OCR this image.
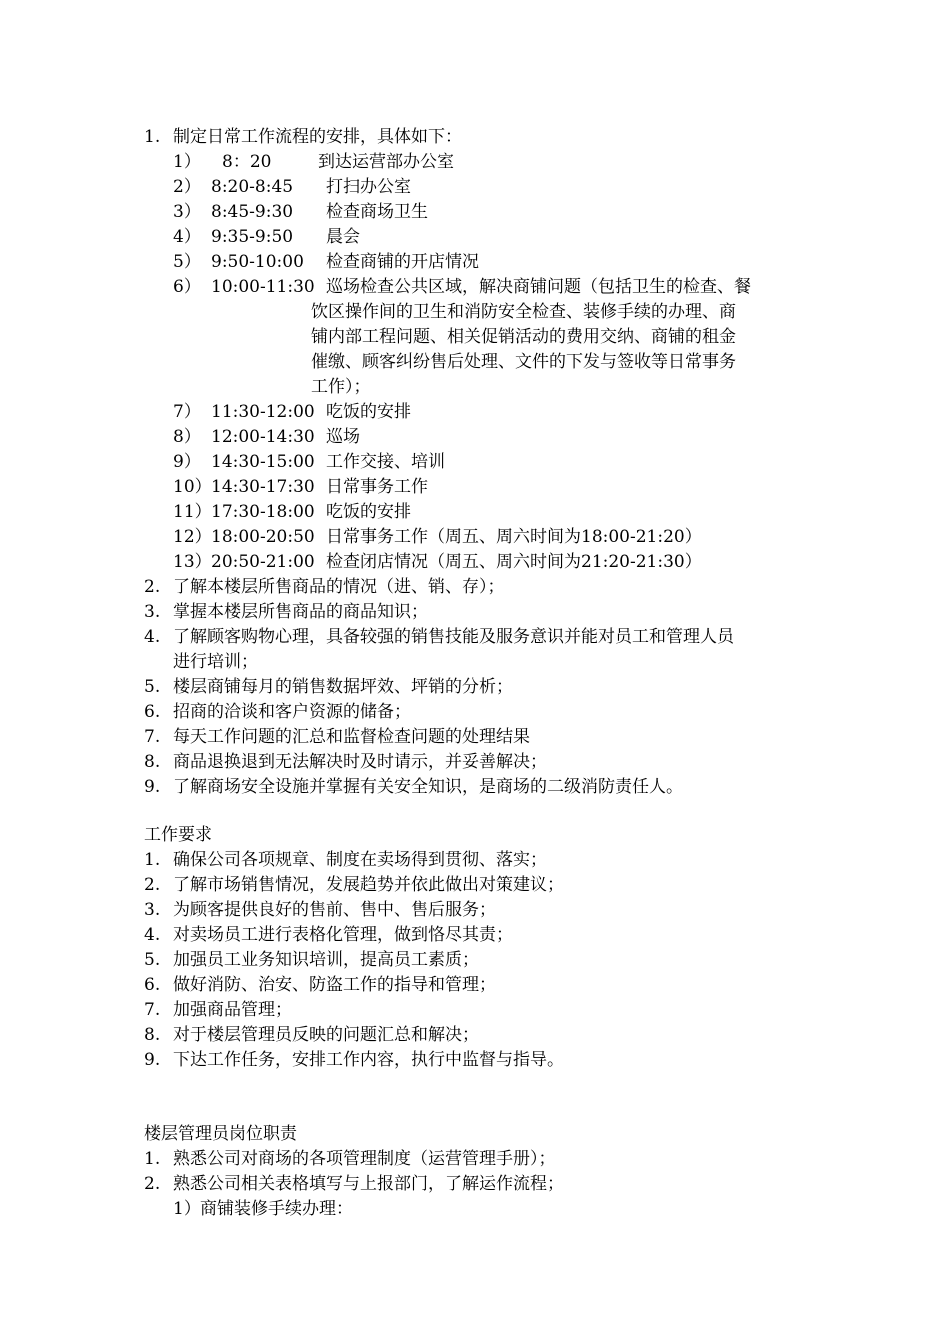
1. 制定日常工作流程的安排，具体如下：
1） 8：20	到达运营部办公室
2） 8:20-8:45 打扫办公室
3） 8:45-9:30 检查商场卫生
4） 9:35-9:50 晨会
5） 9:50-10:00 检查商铺的开店情况
6） 10:00-11:30 巡场检查公共区域，解决商铺问题（包括卫生的检查、餐
饮区操作间的卫生和消防安全检查、装修手续的办理、商
铺内部工程问题、相关促销活动的费用交纳、商铺的租金
催缴、顾客纠纷售后处理、文件的下发与签收等日常事务
工作）；
7） 11:30-12:00 吃饭的安排
8） 12:00-14:30 巡场
9） 14:30-15:00 工作交接、培训
10） 14:30-17:30 日常事务工作
11） 17:30-18:00 吃饭的安排
12） 18:00-20:50 日常事务工作（周五、周六时间为18:00-21:20）
13） 20:50-21:00 检查闭店情况（周五、周六时间为21:20-21:30）
2. 了解本楼层所售商品的情况（进、销、存）；
3. 掌握本楼层所售商品的商品知识；
4. 了解顾客购物心理，具备较强的销售技能及服务意识并能对员工和管理人员
进行培训；
5. 楼层商铺每月的销售数据坪效、坪销的分析；
6. 招商的洽谈和客户资源的储备；
7. 每天工作问题的汇总和监督检查问题的处理结果
8. 商品退换退到无法解决时及时请示，并妥善解决；
9. 了解商场安全设施并掌握有关安全知识，是商场的二级消防责任人。
工作要求
1. 确保公司各项规章、制度在卖场得到贯彻、落实；
2. 了解市场销售情况，发展趋势并依此做出对策建议；
3. 为顾客提供良好的售前、售中、售后服务；
4. 对卖场员工进行表格化管理，做到恪尽其责；
5. 加强员工业务知识培训，提高员工素质；
6. 做好消防、治安、防盗工作的指导和管理；
7. 加强商品管理；
8. 对于楼层管理员反映的问题汇总和解决；
9. 下达工作任务，安排工作内容，执行中监督与指导。
楼层管理员岗位职责
1. 熟悉公司对商场的各项管理制度（运营管理手册）；
2. 熟悉公司相关表格填写与上报部门，了解运作流程；
1） 商铺装修手续办理：
